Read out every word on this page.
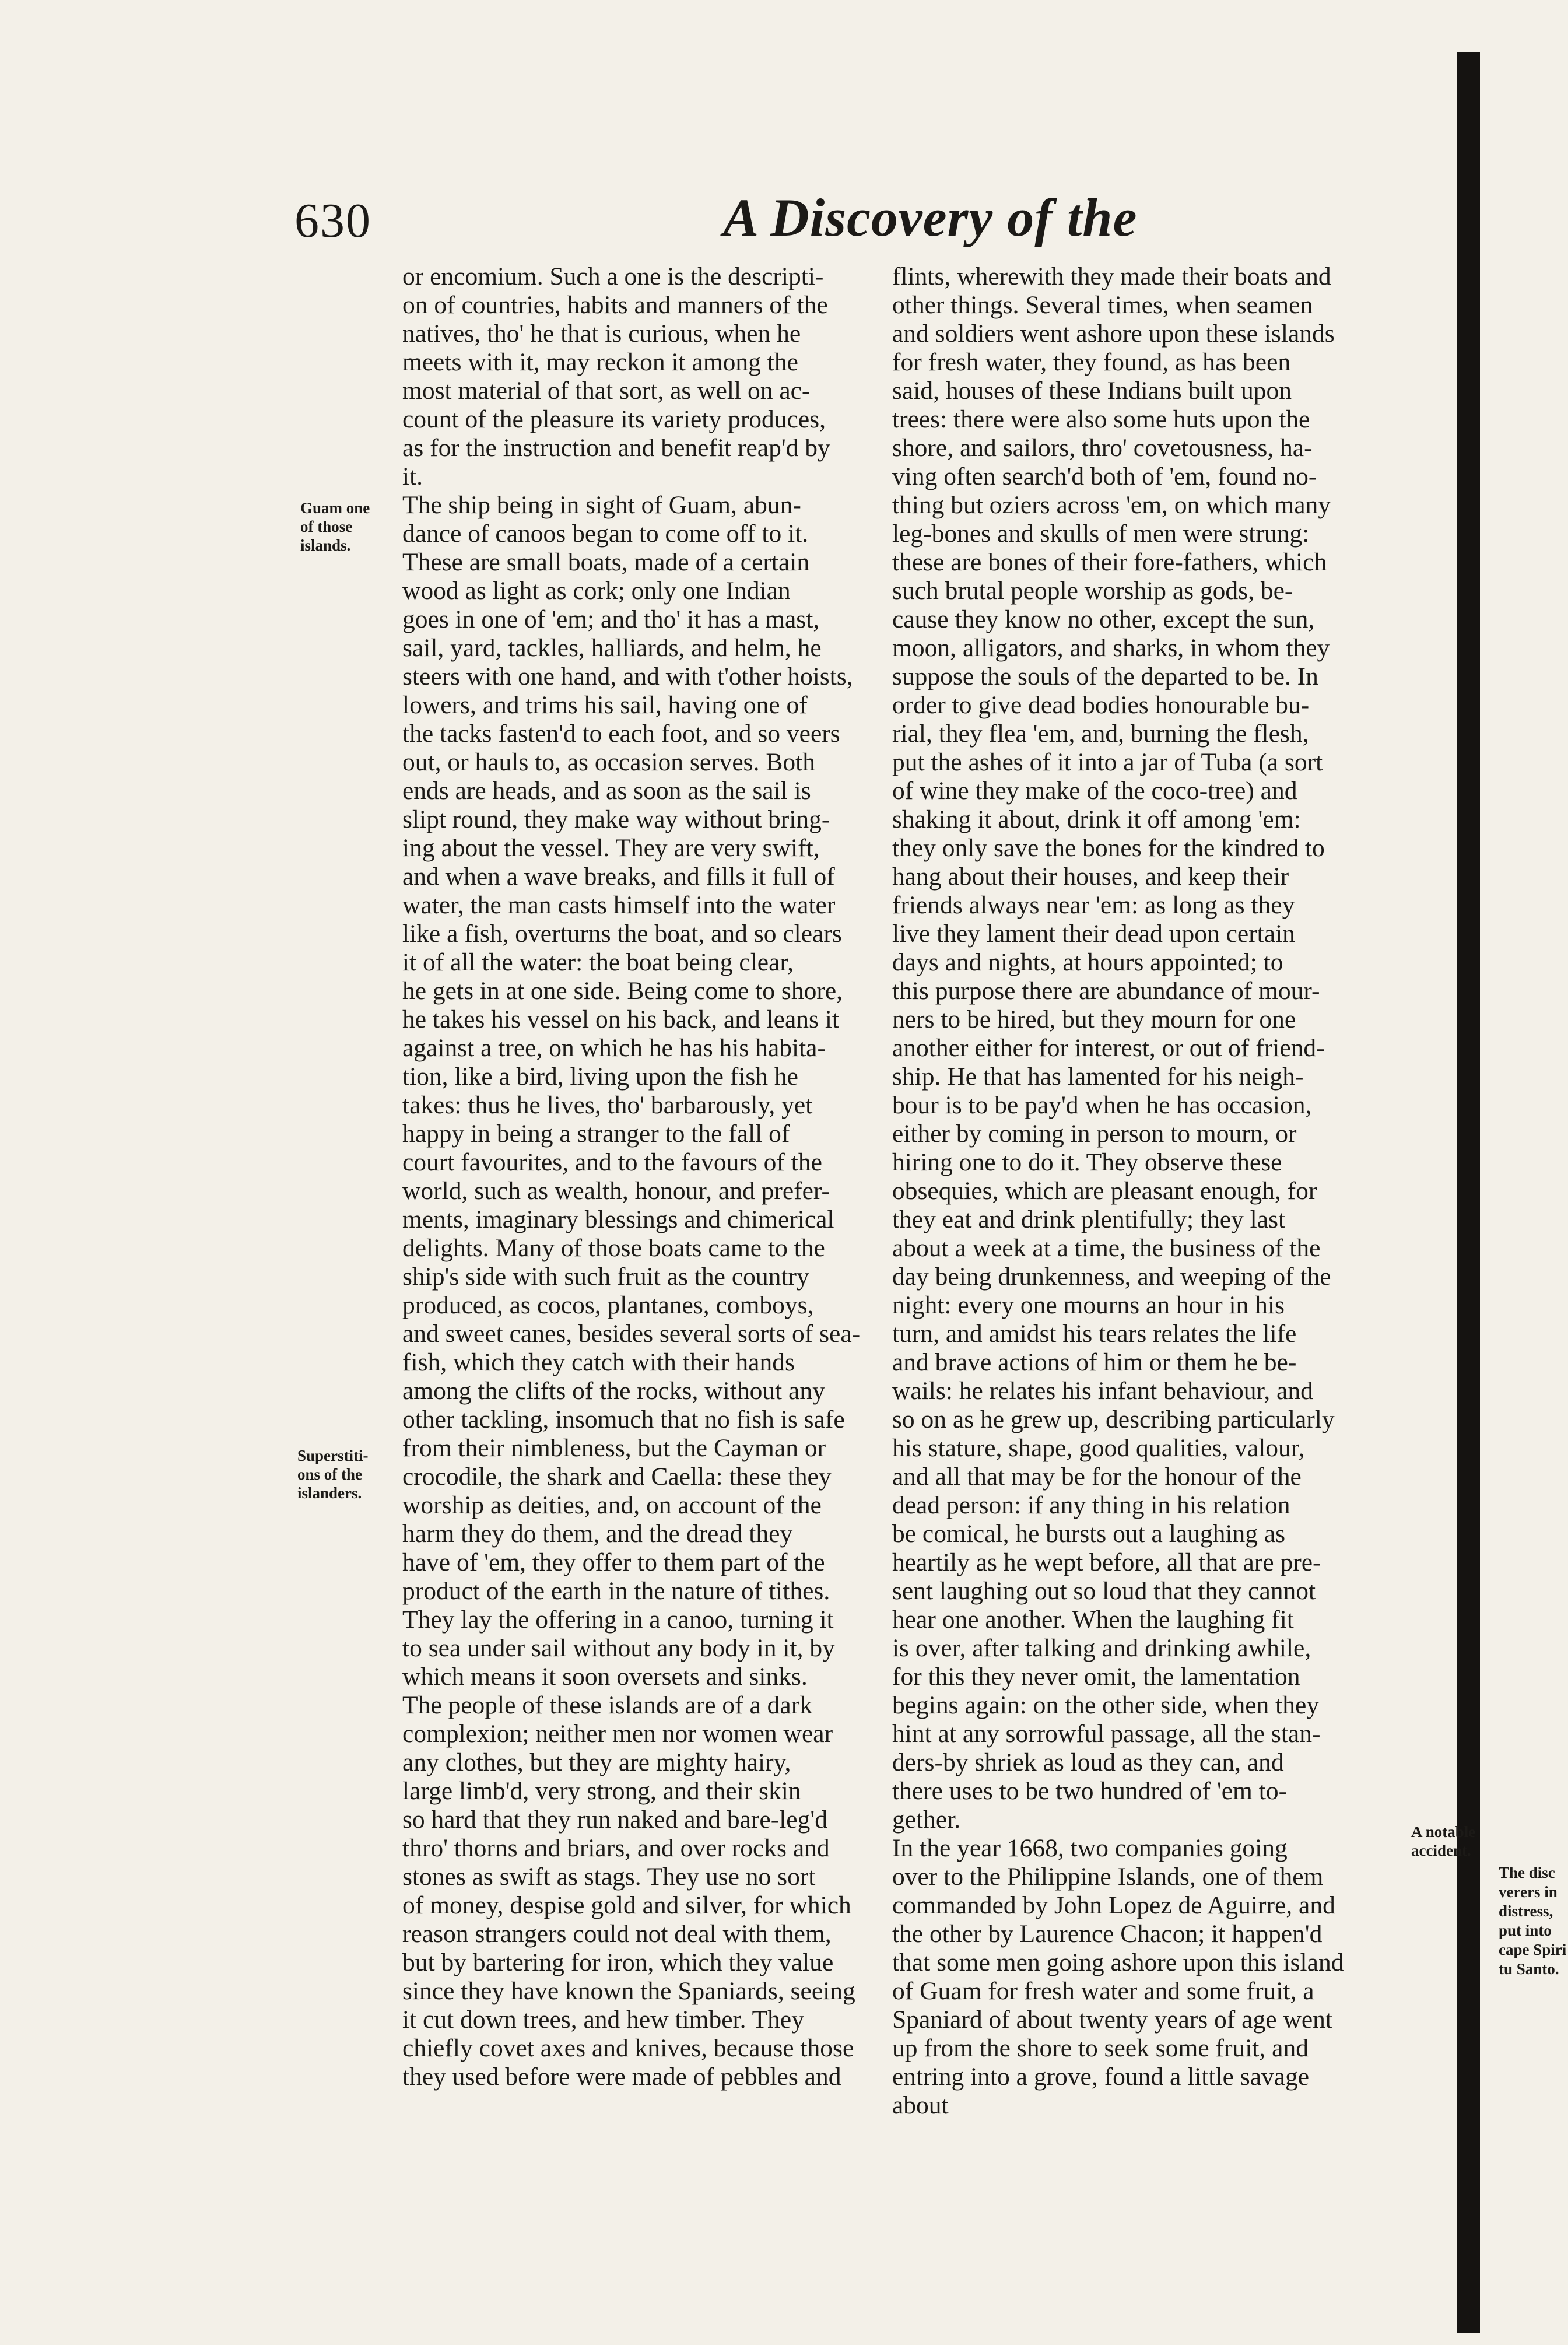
630	A Discovery of the
Guam one
of those
islands.
Superstiti-
ons of the
islanders.
A notable
accident.
The disc
verers in
distress,
put into
cape Spiri
tu Santo.
or encomium. Such a one is the descripti-
on of countries, habits and manners of the
natives, tho' he that is curious, when he
meets with it, may reckon it among the
most material of that sort, as well on ac-
count of the pleasure its variety produces,
as for the instruction and benefit reap'd by
it.
The ship being in sight of Guam, abun-
dance of canoos began to come off to it.
These are small boats, made of a certain
wood as light as cork; only one Indian
goes in one of 'em; and tho' it has a mast,
sail, yard, tackles, halliards, and helm, he
steers with one hand, and with t'other hoists,
lowers, and trims his sail, having one of
the tacks fasten'd to each foot, and so veers
out, or hauls to, as occasion serves. Both
ends are heads, and as soon as the sail is
slipt round, they make way without bring-
ing about the vessel. They are very swift,
and when a wave breaks, and fills it full of
water, the man casts himself into the water
like a fish, overturns the boat, and so clears
it of all the water: the boat being clear,
he gets in at one side. Being come to shore,
he takes his vessel on his back, and leans it
against a tree, on which he has his habita-
tion, like a bird, living upon the fish he
takes: thus he lives, tho' barbarously, yet
happy in being a stranger to the fall of
court favourites, and to the favours of the
world, such as wealth, honour, and prefer-
ments, imaginary blessings and chimerical
delights. Many of those boats came to the
ship's side with such fruit as the country
produced, as cocos, plantanes, comboys,
and sweet canes, besides several sorts of sea-
fish, which they catch with their hands
among the clifts of the rocks, without any
other tackling, insomuch that no fish is safe
from their nimbleness, but the Cayman or
crocodile, the shark and Caella: these they
worship as deities, and, on account of the
harm they do them, and the dread they
have of 'em, they offer to them part of the
product of the earth in the nature of tithes.
They lay the offering in a canoo, turning it
to sea under sail without any body in it, by
which means it soon oversets and sinks.
The people of these islands are of a dark
complexion; neither men nor women wear
any clothes, but they are mighty hairy,
large limb'd, very strong, and their skin
so hard that they run naked and bare-leg'd
thro' thorns and briars, and over rocks and
stones as swift as stags. They use no sort
of money, despise gold and silver, for which
reason strangers could not deal with them,
but by bartering for iron, which they value
since they have known the Spaniards, seeing
it cut down trees, and hew timber. They
chiefly covet axes and knives, because those
they used before were made of pebbles and
flints, wherewith they made their boats and
other things. Several times, when seamen
and soldiers went ashore upon these islands
for fresh water, they found, as has been
said, houses of these Indians built upon
trees: there were also some huts upon the
shore, and sailors, thro' covetousness, ha-
ving often search'd both of 'em, found no-
thing but oziers across 'em, on which many
leg-bones and skulls of men were strung:
these are bones of their fore-fathers, which
such brutal people worship as gods, be-
cause they know no other, except the sun,
moon, alligators, and sharks, in whom they
suppose the souls of the departed to be. In
order to give dead bodies honourable bu-
rial, they flea 'em, and, burning the flesh,
put the ashes of it into a jar of Tuba (a sort
of wine they make of the coco-tree) and
shaking it about, drink it off among 'em:
they only save the bones for the kindred to
hang about their houses, and keep their
friends always near 'em: as long as they
live they lament their dead upon certain
days and nights, at hours appointed; to
this purpose there are abundance of mour-
ners to be hired, but they mourn for one
another either for interest, or out of friend-
ship. He that has lamented for his neigh-
bour is to be pay'd when he has occasion,
either by coming in person to mourn, or
hiring one to do it. They observe these
obsequies, which are pleasant enough, for
they eat and drink plentifully; they last
about a week at a time, the business of the
day being drunkenness, and weeping of the
night: every one mourns an hour in his
turn, and amidst his tears relates the life
and brave actions of him or them he be-
wails: he relates his infant behaviour, and
so on as he grew up, describing particularly
his stature, shape, good qualities, valour,
and all that may be for the honour of the
dead person: if any thing in his relation
be comical, he bursts out a laughing as
heartily as he wept before, all that are pre-
sent laughing out so loud that they cannot
hear one another. When the laughing fit
is over, after talking and drinking awhile,
for this they never omit, the lamentation
begins again: on the other side, when they
hint at any sorrowful passage, all the stan-
ders-by shriek as loud as they can, and
there uses to be two hundred of 'em to-
gether.
In the year 1668, two companies going
over to the Philippine Islands, one of them
commanded by John Lopez de Aguirre, and
the other by Laurence Chacon; it happen'd
that some men going ashore upon this island
of Guam for fresh water and some fruit, a
Spaniard of about twenty years of age went
up from the shore to seek some fruit, and
entring into a grove, found a little savage
about
